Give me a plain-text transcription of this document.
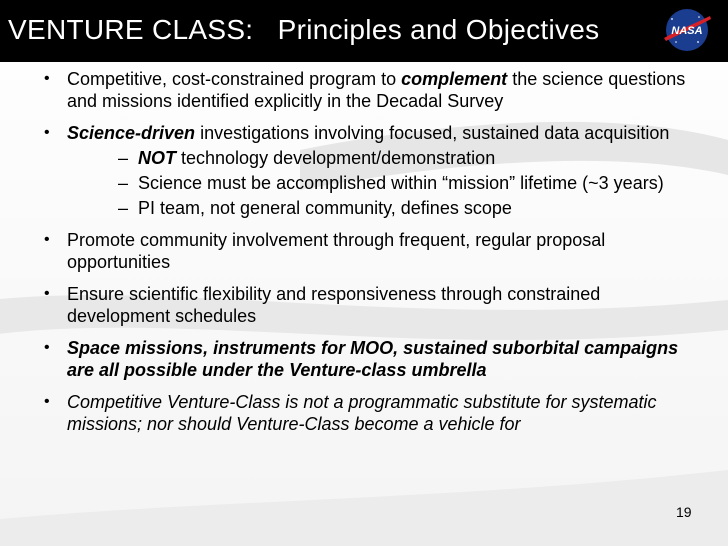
VENTURE CLASS:   Principles and Objectives	NASA
• Competitive, cost-constrained program to complement the science questions and missions identified explicitly in the Decadal Survey
• Science-driven investigations involving focused, sustained data acquisition
– NOT technology development/demonstration
– Science must be accomplished within “mission” lifetime (~3 years)
– PI team, not general community, defines scope
• Promote community involvement through frequent, regular proposal opportunities
• Ensure scientific flexibility and responsiveness through constrained development schedules
• Space missions, instruments for MOO, sustained suborbital campaigns are all possible under the Venture-class umbrella
• Competitive Venture-Class is not a programmatic substitute for systematic missions; nor should Venture-Class become a vehicle for
19
